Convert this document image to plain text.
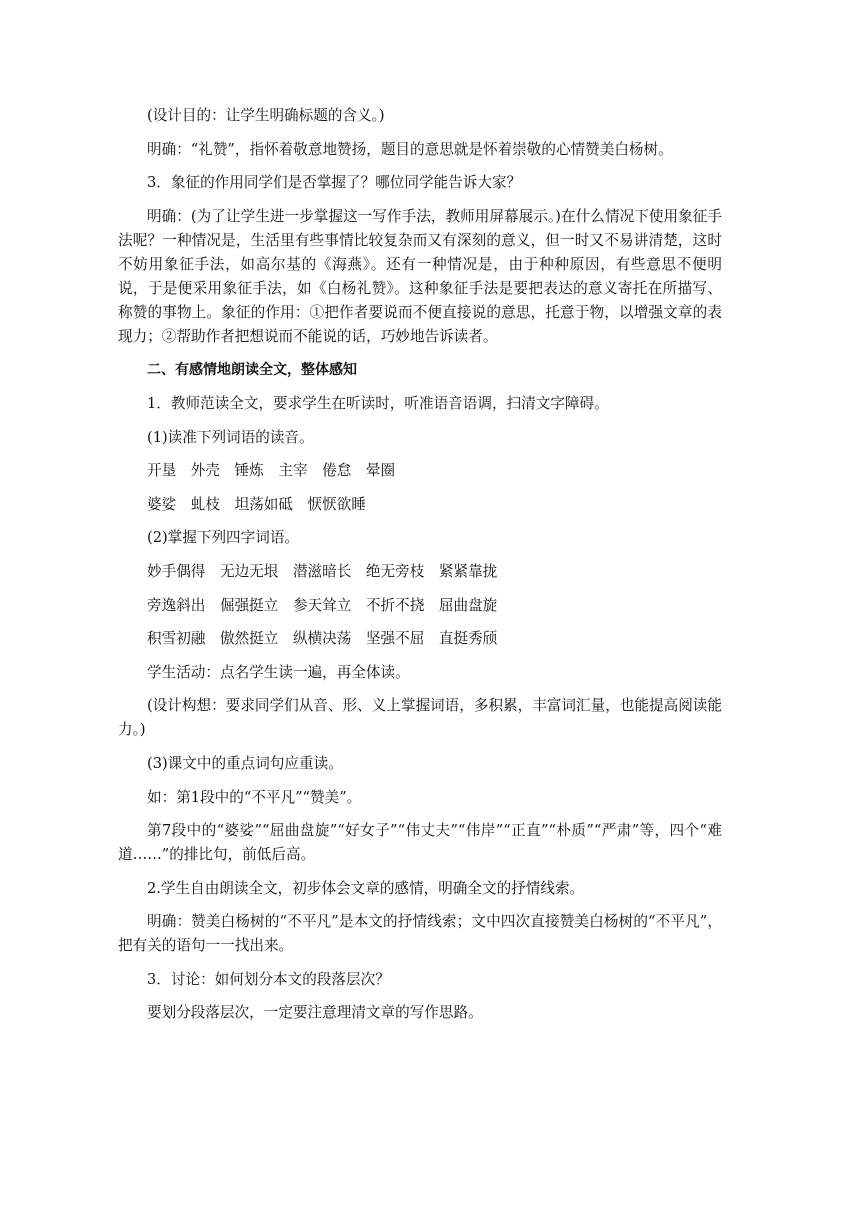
(设计目的：让学生明确标题的含义。)

明确：“礼赞”，指怀着敬意地赞扬，题目的意思就是怀着崇敬的心情赞美白杨树。

3．象征的作用同学们是否掌握了？哪位同学能告诉大家？

明确：(为了让学生进一步掌握这一写作手法，教师用屏幕展示。)在什么情况下使用象征手法呢？一种情况是，生活里有些事情比较复杂而又有深刻的意义，但一时又不易讲清楚，这时不妨用象征手法，如高尔基的《海燕》。还有一种情况是，由于种种原因，有些意思不便明说，于是便采用象征手法，如《白杨礼赞》。这种象征手法是要把表达的意义寄托在所描写、称赞的事物上。象征的作用：①把作者要说而不便直接说的意思，托意于物，以增强文章的表现力；②帮助作者把想说而不能说的话，巧妙地告诉读者。

二、有感情地朗读全文，整体感知

1．教师范读全文，要求学生在听读时，听准语音语调，扫清文字障碍。

(1)读准下列词语的读音。

开垦　外壳　锤炼　主宰　倦怠　晕圈

婆娑　虬枝　坦荡如砥　恹恹欲睡

(2)掌握下列四字词语。

妙手偶得　无边无垠　潜滋暗长　绝无旁枝　紧紧靠拢

旁逸斜出　倔强挺立　参天耸立　不折不挠　屈曲盘旋

积雪初融　傲然挺立　纵横决荡　坚强不屈　直挺秀颀

学生活动：点名学生读一遍，再全体读。

(设计构想：要求同学们从音、形、义上掌握词语，多积累，丰富词汇量，也能提高阅读能力。)

(3)课文中的重点词句应重读。

如：第1段中的“不平凡”“赞美”。

第7段中的“婆娑”“屈曲盘旋”“好女子”“伟丈夫”“伟岸”“正直”“朴质”“严肃”等，四个“难道……”的排比句，前低后高。

2.学生自由朗读全文，初步体会文章的感情，明确全文的抒情线索。

明确：赞美白杨树的“不平凡”是本文的抒情线索；文中四次直接赞美白杨树的“不平凡”，把有关的语句一一找出来。

3．讨论：如何划分本文的段落层次？

要划分段落层次，一定要注意理清文章的写作思路。
